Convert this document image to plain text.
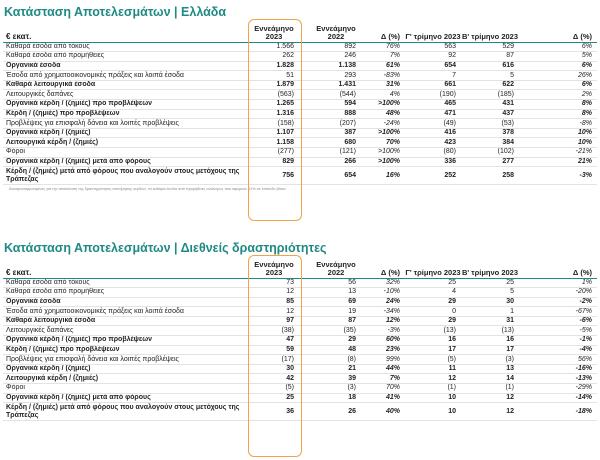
Κατάσταση Αποτελεσμάτων | Ελλάδα
€ εκατ.	Εννεάμηνο 2023		Εννεάμηνο 2022	Δ (%)	Γ' τρίμηνο 2023	Β' τρίμηνο 2023	Δ (%)
Καθαρά έσοδα από τόκους	1.566		892	76%	563	529	6%
Καθαρά έσοδα από προμήθειες	262		246	7%	92	87	5%
Οργανικά έσοδα	1.828		1.138	61%	654	616	6%
Έσοδα από χρηματοοικονομικές πράξεις και λοιπά έσοδα	51		293	-83%	7	5	26%
Καθαρά λειτουργικά έσοδα	1.879		1.431	31%	661	622	6%
Λειτουργικές δαπάνες	(563)		(544)	4%	(190)	(185)	2%
Οργανικά κέρδη / (ζημιές) προ προβλέψεων	1.265		594	>100%	465	431	8%
Κέρδη / (ζημιές) προ προβλέψεων	1.316		888	48%	471	437	8%
Προβλέψεις για επισφαλή δάνεια και λοιπές προβλέψεις	(158)		(207)	-24%	(49)	(53)	-8%
Οργανικά κέρδη / (ζημιές)	1.107		387	>100%	416	378	10%
Λειτουργικά κέρδη / (ζημιές)	1.158		680	70%	423	384	10%
Φόροι	(277)		(121)	>100%	(80)	(102)	-21%
Οργανικά κέρδη / (ζημιές) μετά από φόρους	829		266	>100%	336	277	21%
Κέρδη / (ζημιές) μετά από φόρους που αναλογούν στους μετόχους της Τράπεζας	756		654	16%	252	258	-3%
Αναπροσαρμοσμένες για την απεικόνιση της δραστηριότητας αποτίμησης κερδών, τα καθαρά έσοδα από προμήθειες ανάλογως που αφορούν 11% σε επίπεδο βάσει
Κατάσταση Αποτελεσμάτων | Διεθνείς δραστηριότητες
€ εκατ.	Εννεάμηνο 2023		Εννεάμηνο 2022	Δ (%)	Γ' τρίμηνο 2023	Β' τρίμηνο 2023	Δ (%)
Καθαρά έσοδα από τόκους	73		56	32%	25	25	1%
Καθαρά έσοδα από προμήθειες	12		13	-10%	4	5	-20%
Οργανικά έσοδα	85		69	24%	29	30	-2%
Έσοδα από χρηματοοικονομικές πράξεις και λοιπά έσοδα	12		19	-34%	0	1	-67%
Καθαρά λειτουργικά έσοδα	97		87	12%	29	31	-6%
Λειτουργικές δαπάνες	(38)		(35)	-3%	(13)	(13)	-5%
Οργανικά κέρδη / (ζημιές) προ προβλέψεων	47		29	60%	16	16	-1%
Κέρδη / (ζημιές) προ προβλέψεων	59		48	23%	17	17	-4%
Προβλέψεις για επισφαλή δάνεια και λοιπές προβλέψεις	(17)		(8)	99%	(5)	(3)	56%
Οργανικά κέρδη / (ζημιές)	30		21	44%	11	13	-16%
Λειτουργικά κέρδη / (ζημιές)	42		39	7%	12	14	-13%
Φόροι	(5)		(3)	70%	(1)	(1)	-29%
Οργανικά κέρδη / (ζημιές) μετά από φόρους	25		18	41%	10	12	-14%
Κέρδη / (ζημιές) μετά από φόρους που αναλογούν στους μετόχους της Τράπεζας	36		26	40%	10	12	-18%
